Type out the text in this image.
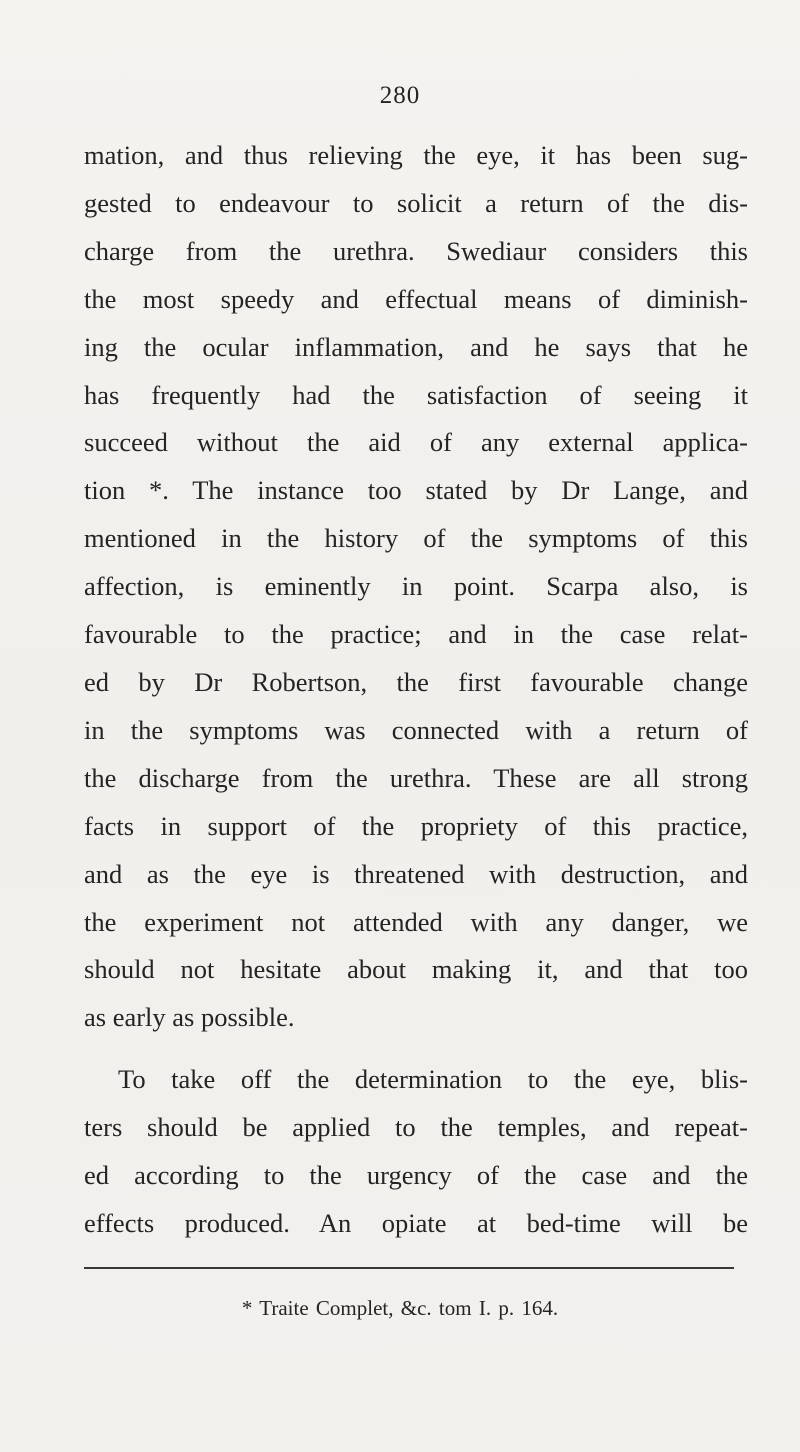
280
mation, and thus relieving the eye, it has been sug-
gested to endeavour to solicit a return of the dis-
charge from the urethra. Swediaur considers this
the most speedy and effectual means of diminish-
ing the ocular inflammation, and he says that he
has frequently had the satisfaction of seeing it
succeed without the aid of any external applica-
tion *. The instance too stated by Dr Lange, and
mentioned in the history of the symptoms of this
affection, is eminently in point. Scarpa also, is
favourable to the practice; and in the case relat-
ed by Dr Robertson, the first favourable change
in the symptoms was connected with a return of
the discharge from the urethra. These are all strong
facts in support of the propriety of this practice,
and as the eye is threatened with destruction, and
the experiment not attended with any danger, we
should not hesitate about making it, and that too
as early as possible.
To take off the determination to the eye, blis-
ters should be applied to the temples, and repeat-
ed according to the urgency of the case and the
effects produced. An opiate at bed-time will be
* Traite Complet, &c. tom I. p. 164.
